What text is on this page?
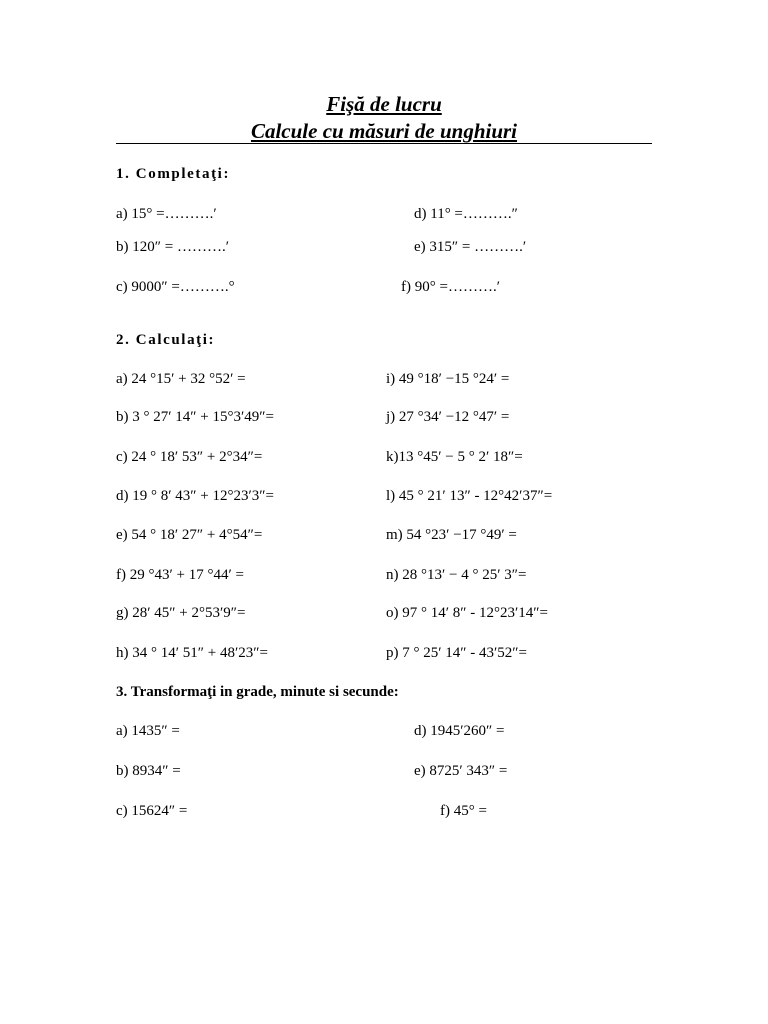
Fişă de lucru
Calcule cu măsuri de unghiuri
1. Completaţi:
a) 15° =……….′	d) 11° =……….″
b) 120″ = ……….′	e) 315″ = ……….′
c) 9000″ =……….°	f) 90° =……….′
2. Calculaţi:
a) 24 °15′ + 32 °52′ =	i) 49 °18′ −15 °24′ =
b) 3 ° 27′ 14″ + 15°3′49″=	j) 27 °34′ −12 °47′ =
c) 24 ° 18′ 53″ + 2°34″=	k)13 °45′ − 5 ° 2′ 18″=
d) 19 ° 8′ 43″ + 12°23′3″=	l) 45 ° 21′ 13″ - 12°42′37″=
e) 54 ° 18′ 27″ + 4°54″=	m) 54 °23′ −17 °49′ =
f) 29 °43′ + 17 °44′ =	n) 28 °13′ − 4 ° 25′ 3″=
g) 28′ 45″ + 2°53′9″=	o) 97 ° 14′ 8″ - 12°23′14″=
h) 34 ° 14′ 51″ + 48′23″=	p) 7 ° 25′ 14″ - 43′52″=
3. Transformaţi in grade, minute si secunde:
a) 1435″ =	d) 1945′260″ =
b) 8934″ =	e) 8725′ 343″ =
c) 15624″ =	f) 45° =
